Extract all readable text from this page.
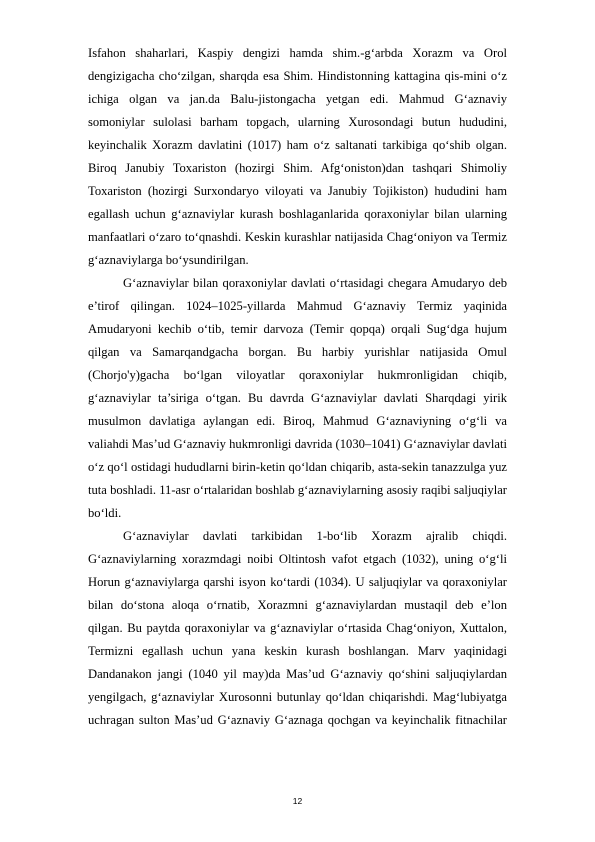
Isfahon shaharlari, Kaspiy dengizi hamda shim.-g‘arbda Xorazm va Orol
dengizigacha cho‘zilgan, sharqda esa Shim. Hindistonning kattagina qis-mini o‘z
ichiga olgan va jan.da Balu-jistongacha yetgan edi. Mahmud G‘aznaviy
somoniylar sulolasi barham topgach, ularning Xurosondagi butun hududini,
keyinchalik Xorazm davlatini (1017) ham o‘z saltanati tarkibiga qo‘shib olgan.
Biroq Janubiy Toxariston (hozirgi Shim. Afg‘oniston)dan tashqari Shimoliy
Toxariston (hozirgi Surxondaryo viloyati va Janubiy Tojikiston) hududini ham
egallash uchun g‘aznaviylar kurash boshlaganlarida qoraxoniylar bilan ularning
manfaatlari o‘zaro to‘qnashdi. Keskin kurashlar natijasida Chag‘oniyon va Termiz
g‘aznaviylarga bo‘ysundirilgan.
G‘aznaviylar bilan qoraxoniylar davlati o‘rtasidagi chegara Amudaryo deb
e’tirof qilingan. 1024–1025-yillarda Mahmud G‘aznaviy Termiz yaqinida
Amudaryoni kechib o‘tib, temir darvoza (Temir qopqa) orqali Sug‘dga hujum
qilgan va Samarqandgacha borgan. Bu harbiy yurishlar natijasida Omul
(Chorjo'y)gacha bo‘lgan viloyatlar qoraxoniylar hukmronligidan chiqib,
g‘aznaviylar ta’siriga o‘tgan. Bu davrda G‘aznaviylar davlati Sharqdagi yirik
musulmon davlatiga aylangan edi. Biroq, Mahmud G‘aznaviyning o‘g‘li va
valiahdi Mas’ud G‘aznaviy hukmronligi davrida (1030–1041) G‘aznaviylar davlati
o‘z qo‘l ostidagi hududlarni birin-ketin qo‘ldan chiqarib, asta-sekin tanazzulga yuz
tuta boshladi. 11-asr o‘rtalaridan boshlab g‘aznaviylarning asosiy raqibi saljuqiylar
bo‘ldi.
G‘aznaviylar davlati tarkibidan 1-bo‘lib Xorazm ajralib chiqdi.
G‘aznaviylarning xorazmdagi noibi Oltintosh vafot etgach (1032), uning o‘g‘li
Horun g‘aznaviylarga qarshi isyon ko‘tardi (1034). U saljuqiylar va qoraxoniylar
bilan do‘stona aloqa o‘rnatib, Xorazmni g‘aznaviylardan mustaqil deb e’lon
qilgan. Bu paytda qoraxoniylar va g‘aznaviylar o‘rtasida Chag‘oniyon, Xuttalon,
Termizni egallash uchun yana keskin kurash boshlangan. Marv yaqinidagi
Dandanakon jangi (1040 yil may)da Mas’ud G‘aznaviy qo‘shini saljuqiylardan
yengilgach, g‘aznaviylar Xurosonni butunlay qo‘ldan chiqarishdi. Mag‘lubiyatga
uchragan sulton Mas’ud G‘aznaviy G‘aznaga qochgan va keyinchalik fitnachilar
12
